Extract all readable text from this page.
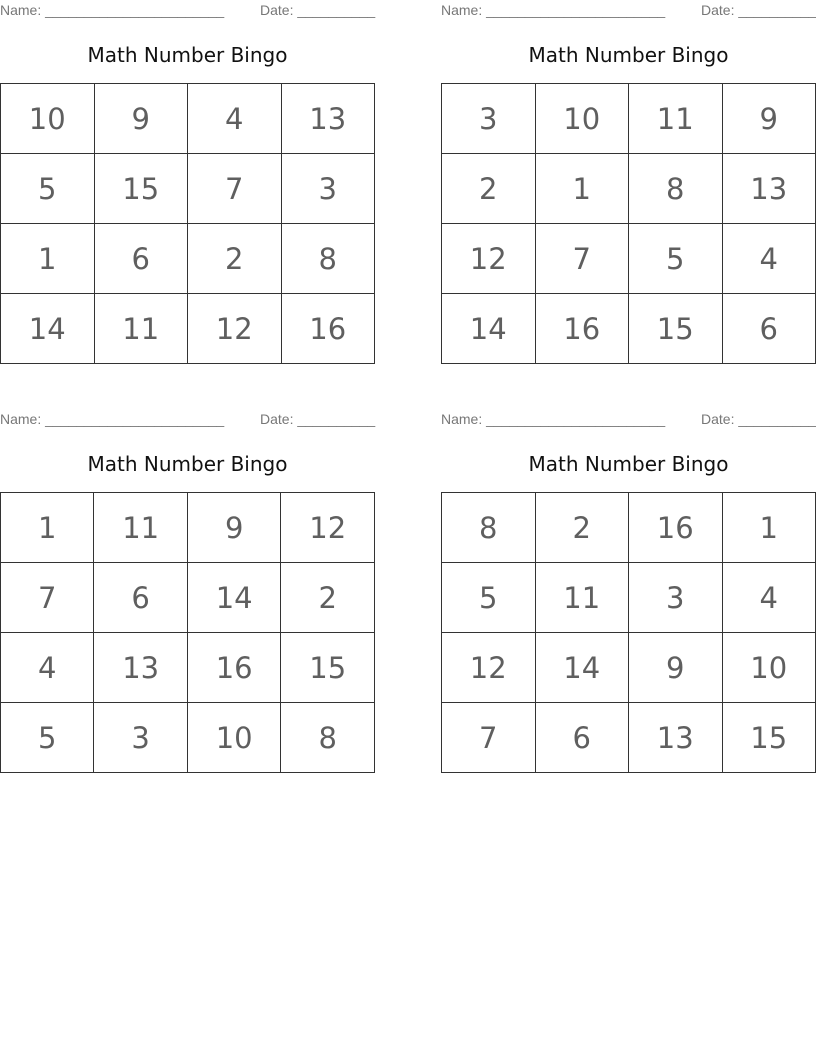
Name: _______________________	Date: __________
Math Number Bingo
10	9	4	13
5	15	7	3
1	6	2	8
14	11	12	16
Name: _______________________	Date: __________
Math Number Bingo
3	10	11	9
2	1	8	13
12	7	5	4
14	16	15	6
Name: _______________________	Date: __________
Math Number Bingo
1	11	9	12
7	6	14	2
4	13	16	15
5	3	10	8
Name: _______________________	Date: __________
Math Number Bingo
8	2	16	1
5	11	3	4
12	14	9	10
7	6	13	15
